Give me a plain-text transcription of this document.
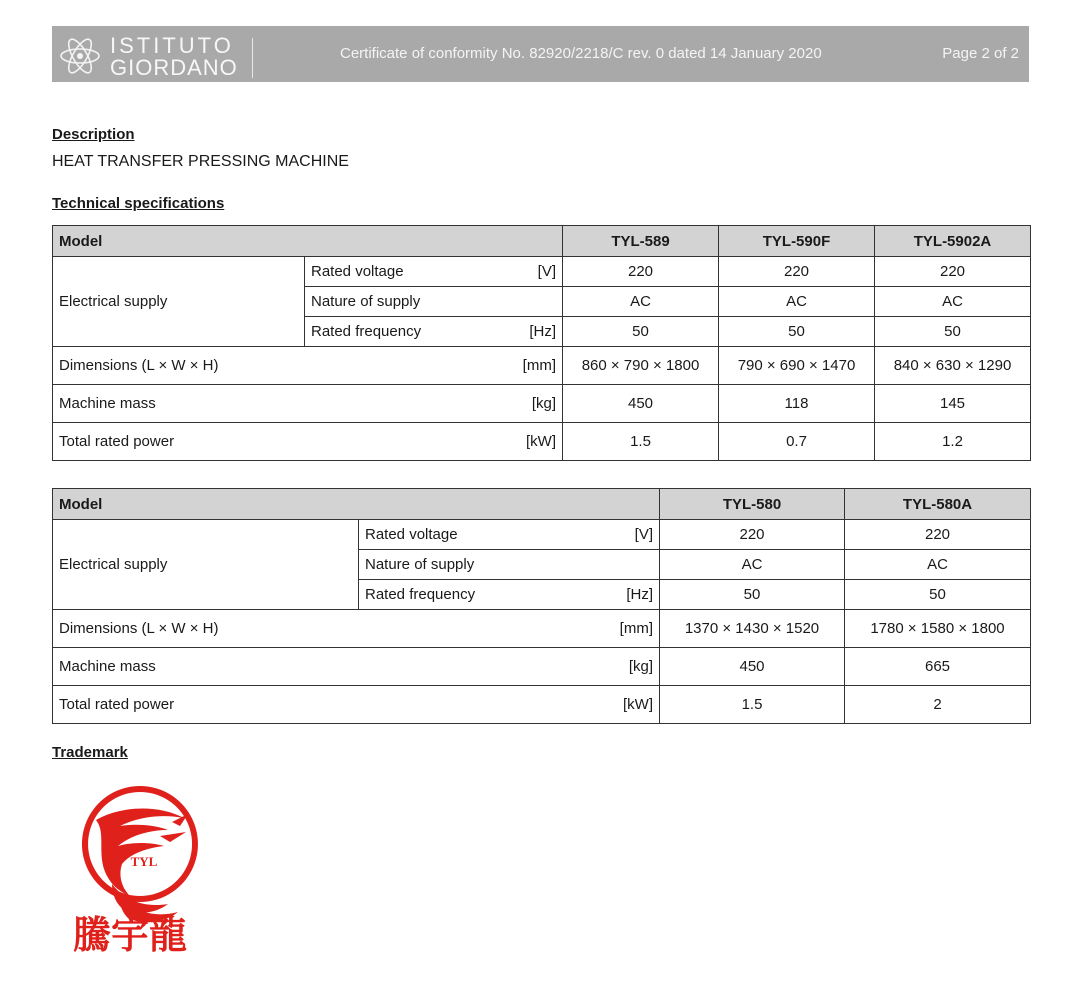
ISTITUTO
GIORDANO
Certificate of conformity No. 82920/2218/C rev. 0 dated 14 January 2020	Page 2 of 2
Description
HEAT TRANSFER PRESSING MACHINE
Technical specifications
Model		TYL-589	TYL-590F	TYL-5902A
Electrical supply	Rated voltage [V]	220	220	220

	Nature of supply	AC	AC	AC

	Rated frequency [Hz]	50	50	50

Dimensions (L × W × H) [mm]		860 × 790 × 1800	790 × 690 × 1470	840 × 630 × 1290

Machine mass [kg]		450	118	145

Total rated power [kW]		1.5	0.7	1.2
Model		TYL-580	TYL-580A
Electrical supply	Rated voltage [V]	220	220

	Nature of supply	AC	AC

	Rated frequency [Hz]	50	50

Dimensions (L × W × H) [mm]		1370 × 1430 × 1520	1780 × 1580 × 1800

Machine mass [kg]		450	665

Total rated power [kW]		1.5	2
Trademark
TYL
騰宇龍
